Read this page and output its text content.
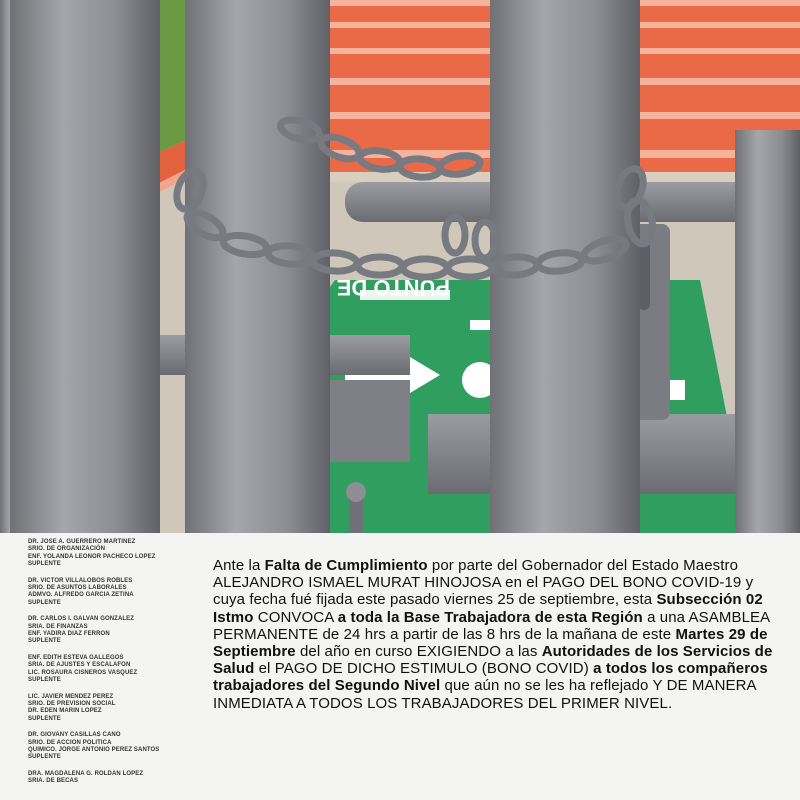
PUNTO DE
DR. JOSE A. GUERRERO MARTINEZ
SRIO. DE ORGANIZACIÓN
ENF. YOLANDA LEONOR PACHECO LOPEZ
SUPLENTE
DR. VICTOR VILLALOBOS ROBLES
SRIO. DE ASUNTOS LABORALES
ADMVO. ALFREDO GARCIA ZETINA
SUPLENTE
DR. CARLOS I. GALVAN GONZALEZ
SRIA. DE FINANZAS
ENF. YADIRA DIAZ FERRON
SUPLENTE
ENF. EDITH ESTEVA GALLEGOS
SRIA. DE AJUSTES Y ESCALAFON
LIC. ROSAURA CISNEROS VASQUEZ
SUPLENTE
LIC. JAVIER MENDEZ PEREZ
SRIO. DE PREVISION SOCIAL
DR. EDEN MARIN LOPEZ
SUPLENTE
DR. GIOVANY CASILLAS CANO
SRIO. DE ACCION POLITICA
QUIMICO. JORGE ANTONIO PEREZ SANTOS
SUPLENTE
DRA. MAGDALENA G. ROLDAN LOPEZ
SRIA. DE BECAS
Ante la Falta de Cumplimiento por parte del Gobernador del Estado Maestro ALEJANDRO ISMAEL MURAT HINOJOSA en el PAGO DEL BONO COVID-19 y cuya fecha fué fijada este pasado viernes 25 de septiembre, esta Subsección 02 Istmo CONVOCA a toda la Base Trabajadora de esta Región a una ASAMBLEA PERMANENTE de 24 hrs a partir de las 8 hrs de la mañana de este Martes 29 de Septiembre del año en curso EXIGIENDO a las Autoridades de los Servicios de Salud el PAGO DE DICHO ESTIMULO (BONO COVID) a todos los compañeros trabajadores del Segundo Nivel que aún no se les ha reflejado Y DE MANERA INMEDIATA A TODOS LOS TRABAJADORES DEL PRIMER NIVEL.
